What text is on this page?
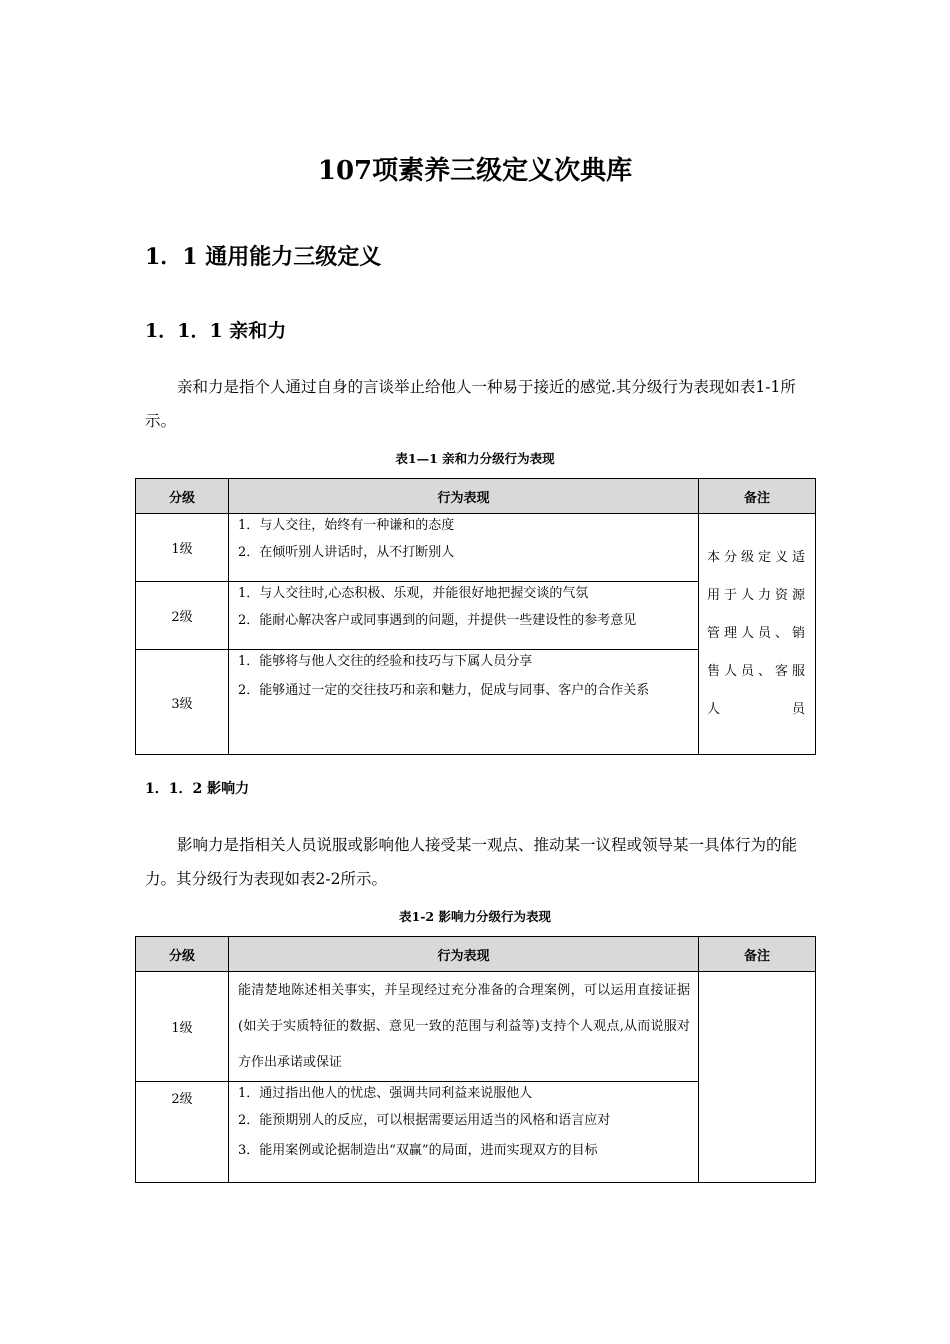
107项素养三级定义次典库
1．1 通用能力三级定义
1．1．1 亲和力

亲和力是指个人通过自身的言谈举止给他人一种易于接近的感觉.其分级行为表现如表1-1所示。

表1—1 亲和力分级行为表现
分级	行为表现	备注
1级	1．与人交往，始终有一种谦和的态度
2．在倾听别人讲话时，从不打断别人	本分级定义适用于人力资源管理人员、销售人员、客服人员
2级	1．与人交往时,心态积极、乐观，并能很好地把握交谈的气氛
2．能耐心解决客户或同事遇到的问题，并提供一些建设性的参考意见	

3级	1．能够将与他人交往的经验和技巧与下属人员分享
2．能够通过一定的交往技巧和亲和魅力，促成与同事、客户的合作关系	
1．1．2 影响力

影响力是指相关人员说服或影响他人接受某一观点、推动某一议程或领导某一具体行为的能力。其分级行为表现如表2-2所示。

表1-2 影响力分级行为表现
分级	行为表现	备注
1级	能清楚地陈述相关事实，并呈现经过充分准备的合理案例，可以运用直接证据(如关于实质特征的数据、意见一致的范围与利益等)支持个人观点,从而说服对方作出承诺或保证	

2级	1．通过指出他人的忧虑、强调共同利益来说服他人
2．能预期别人的反应，可以根据需要运用适当的风格和语言应对
3．能用案例或论据制造出“双赢”的局面，进而实现双方的目标	
